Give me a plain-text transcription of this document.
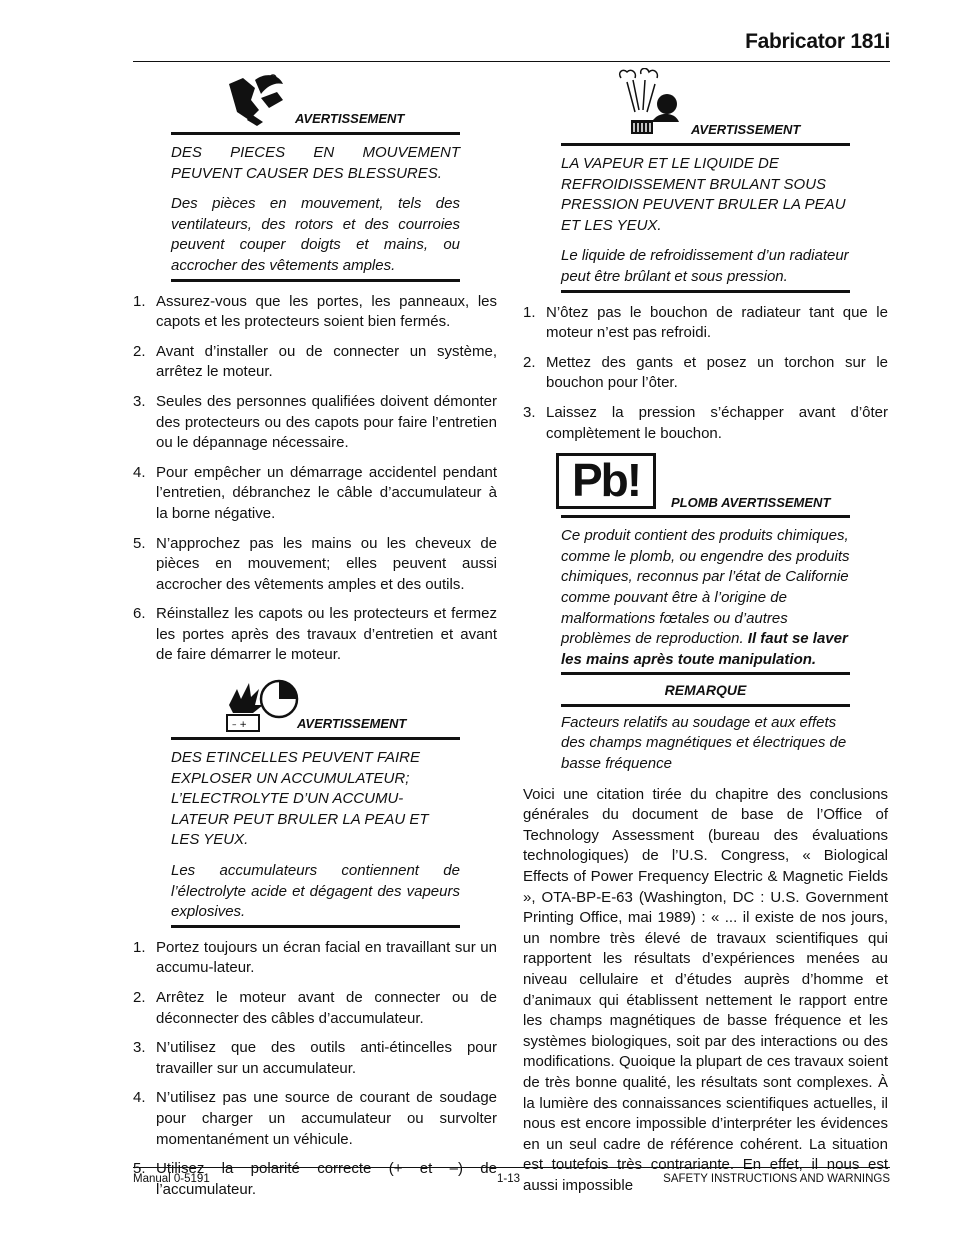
Fabricator 181i
AVERTISSEMENT

DES PIECES EN MOUVEMENT PEUVENT CAUSER DES BLESSURES.

Des pièces en mouvement, tels des ventilateurs, des rotors et des courroies peuvent couper doigts et mains, ou accrocher des vêtements amples.

1. Assurez-vous que les portes, les panneaux, les capots et les protecteurs soient bien fermés.
2. Avant d’installer ou de connecter un système, arrêtez le moteur.
3. Seules des personnes qualifiées doivent démonter des protecteurs ou des capots pour faire l’entretien ou le dépannage nécessaire.
4. Pour empêcher un démarrage accidentel pendant l’entretien, débranchez le câble d’accumulateur à la borne négative.
5. N’approchez pas les mains ou les cheveux de pièces en mouvement; elles peuvent aussi accrocher des vêtements amples et des outils.
6. Réinstallez les capots ou les protecteurs et fermez les portes après des travaux d’entretien et avant de faire démarrer le moteur.
– +	AVERTISSEMENT

DES ETINCELLES PEUVENT FAIRE EXPLOSER UN ACCUMULATEUR; L’ELECTROLYTE D’UN ACCUMU-LATEUR PEUT BRULER LA PEAU ET LES YEUX.

Les accumulateurs contiennent de l’électrolyte acide et dégagent des vapeurs explosives.

1. Portez toujours un écran facial en travaillant sur un accumu-lateur.
2. Arrêtez le moteur avant de connecter ou de déconnecter des câbles d’accumulateur.
3. N’utilisez que des outils anti-étincelles pour travailler sur un accumulateur.
4. N’utilisez pas une source de courant de soudage pour charger un accumulateur ou survolter momentanément un véhicule.
5. Utilisez la polarité correcte (+ et –) de l’accumulateur.
AVERTISSEMENT

LA VAPEUR ET LE LIQUIDE DE REFROIDISSEMENT BRULANT SOUS PRESSION PEUVENT BRULER LA PEAU ET LES YEUX.

Le liquide de refroidissement d’un radiateur peut être brûlant et sous pression.

1. N’ôtez pas le bouchon de radiateur tant que le moteur n’est pas refroidi.
2. Mettez des gants et posez un torchon sur le bouchon pour l’ôter.
3. Laissez la pression s’échapper avant d’ôter complètement le bouchon.
Pb!	PLOMB AVERTISSEMENT

Ce produit contient des produits chimiques, comme le plomb, ou engendre des produits chimiques, reconnus par l’état de Californie comme pouvant être à l’origine de malformations fœtales ou d’autres problèmes de reproduction. Il faut se laver les mains après toute manipulation.

REMARQUE
Facteurs relatifs au soudage et aux effets des champs magnétiques et électriques de basse fréquence
Voici une citation tirée du chapitre des conclusions générales du document de base de l’Office of Technology Assessment (bureau des évaluations technologiques) de l’U.S. Congress, « Biological Effects of Power Frequency Electric & Magnetic Fields », OTA-BP-E-63 (Washington, DC : U.S. Government Printing Office, mai 1989) : « ... il existe de nos jours, un nombre très élevé de travaux scientifiques qui rapportent les résultats d’expériences menées au niveau cellulaire et d’études auprès d’homme et d’animaux qui établissent nettement le rapport entre les champs magnétiques de basse fréquence et les systèmes biologiques, soit par des interactions ou des modifications. Quoique la plupart de ces travaux soient de très bonne qualité, les résultats sont complexes. À la lumière des connaissances scientifiques actuelles, il nous est encore impossible d’interpréter les évidences en un seul cadre de référence cohérent. La situation est toutefois très contrariante. En effet, il nous est aussi impossible
Manual 0-5191	1-13	SAFETY INSTRUCTIONS AND WARNINGS
